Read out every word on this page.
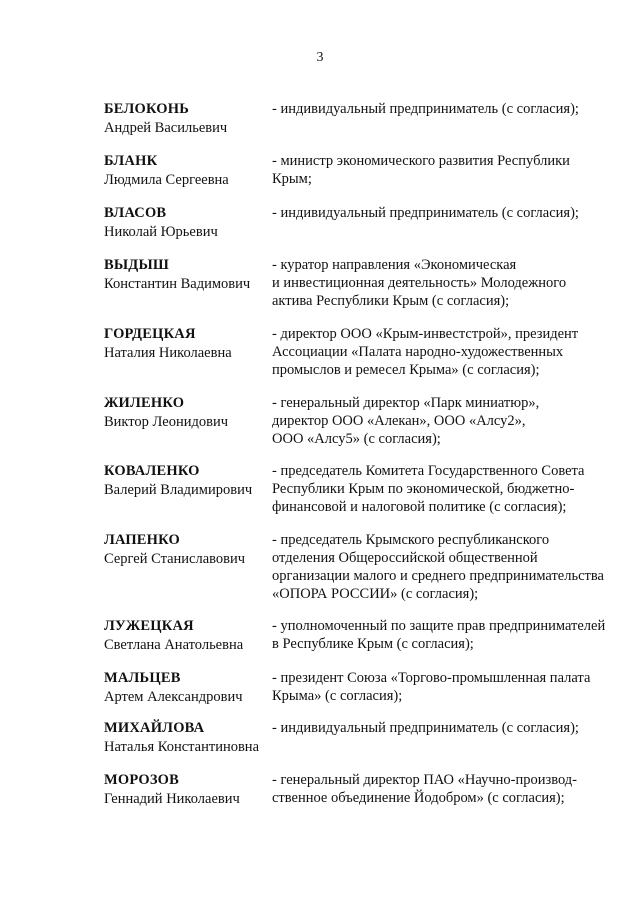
3
БЕЛОКОНЬ
Андрей Васильевич
- индивидуальный предприниматель (с согласия);
БЛАНК
Людмила Сергеевна
- министр экономического развития Республики
Крым;
ВЛАСОВ
Николай Юрьевич
- индивидуальный предприниматель (с согласия);
ВЫДЫШ
Константин Вадимович
- куратор направления «Экономическая
и инвестиционная деятельность» Молодежного
актива Республики Крым (с согласия);
ГОРДЕЦКАЯ
Наталия Николаевна
- директор ООО «Крым-инвестстрой», президент
Ассоциации «Палата народно-художественных
промыслов и ремесел Крыма» (с согласия);
ЖИЛЕНКО
Виктор Леонидович
- генеральный директор «Парк миниатюр»,
директор ООО «Алекан», ООО «Алсу2»,
ООО «Алсу5» (с согласия);
КОВАЛЕНКО
Валерий Владимирович
- председатель Комитета Государственного Совета
Республики Крым по экономической, бюджетно-
финансовой и налоговой политике (с согласия);
ЛАПЕНКО
Сергей Станиславович
- председатель Крымского республиканского
отделения Общероссийской общественной
организации малого и среднего предпринимательства
«ОПОРА РОССИИ» (с согласия);
ЛУЖЕЦКАЯ
Светлана Анатольевна
- уполномоченный по защите прав предпринимателей
в Республике Крым (с согласия);
МАЛЬЦЕВ
Артем Александрович
- президент Союза «Торгово-промышленная палата
Крыма» (с согласия);
МИХАЙЛОВА
Наталья Константиновна
- индивидуальный предприниматель (с согласия);
МОРОЗОВ
Геннадий Николаевич
- генеральный директор ПАО «Научно-производ-
ственное объединение Йодобром» (с согласия);
